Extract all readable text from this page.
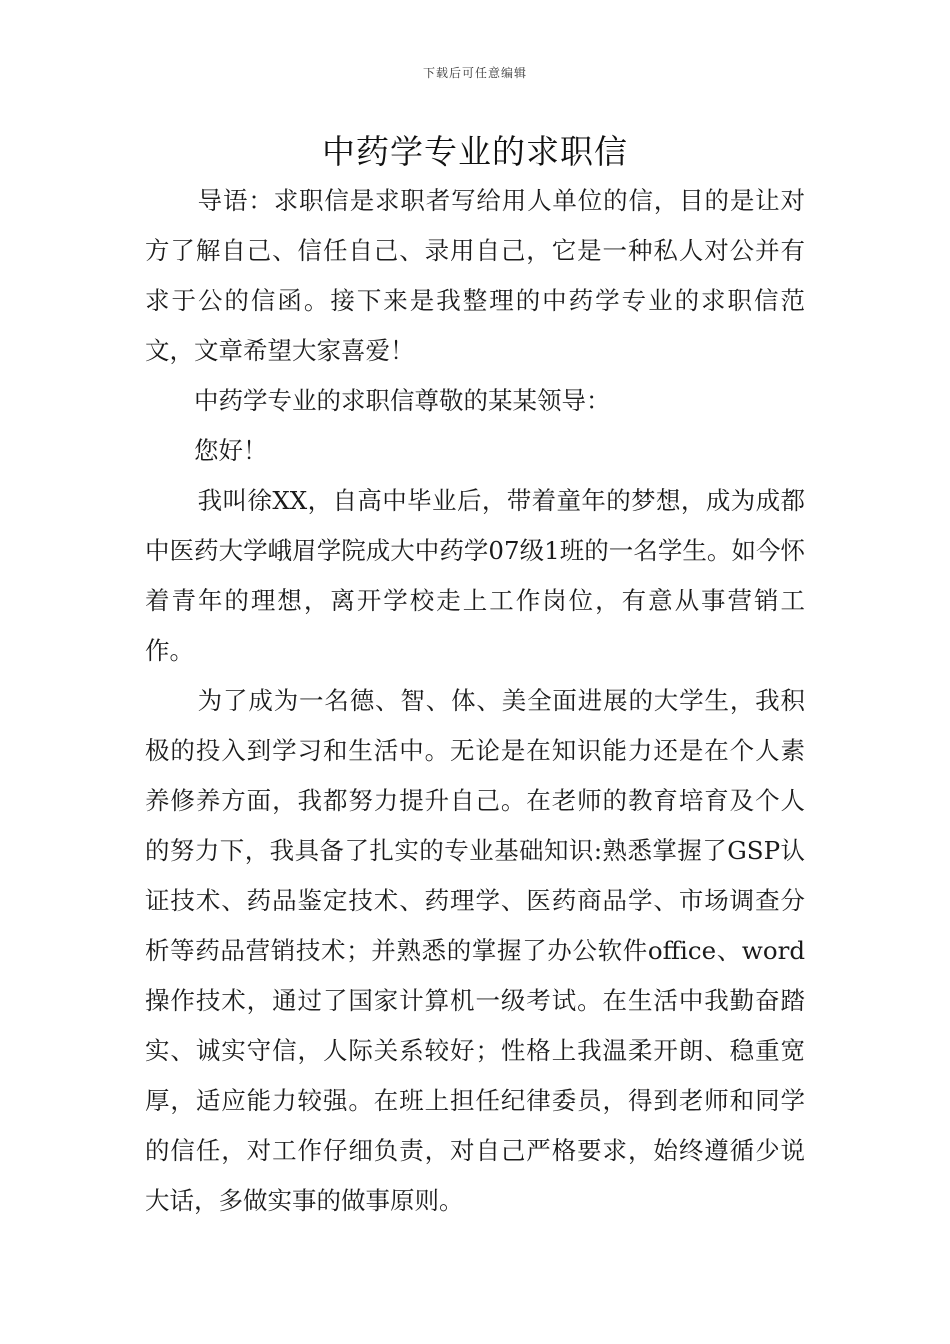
下载后可任意编辑
中药学专业的求职信

导语：求职信是求职者写给用人单位的信，目的是让对方了解自己、信任自己、录用自己，它是一种私人对公并有求于公的信函。接下来是我整理的中药学专业的求职信范文，文章希望大家喜爱！

中药学专业的求职信尊敬的某某领导：

您好！

我叫徐XX，自高中毕业后，带着童年的梦想，成为成都中医药大学峨眉学院成大中药学07级1班的一名学生。如今怀着青年的理想，离开学校走上工作岗位，有意从事营销工作。

为了成为一名德、智、体、美全面进展的大学生，我积极的投入到学习和生活中。无论是在知识能力还是在个人素养修养方面，我都努力提升自己。在老师的教育培育及个人的努力下，我具备了扎实的专业基础知识:熟悉掌握了GSP认证技术、药品鉴定技术、药理学、医药商品学、市场调查分析等药品营销技术；并熟悉的掌握了办公软件office、word操作技术，通过了国家计算机一级考试。在生活中我勤奋踏实、诚实守信，人际关系较好；性格上我温柔开朗、稳重宽厚，适应能力较强。在班上担任纪律委员，得到老师和同学的信任，对工作仔细负责，对自己严格要求，始终遵循少说大话，多做实事的做事原则。
